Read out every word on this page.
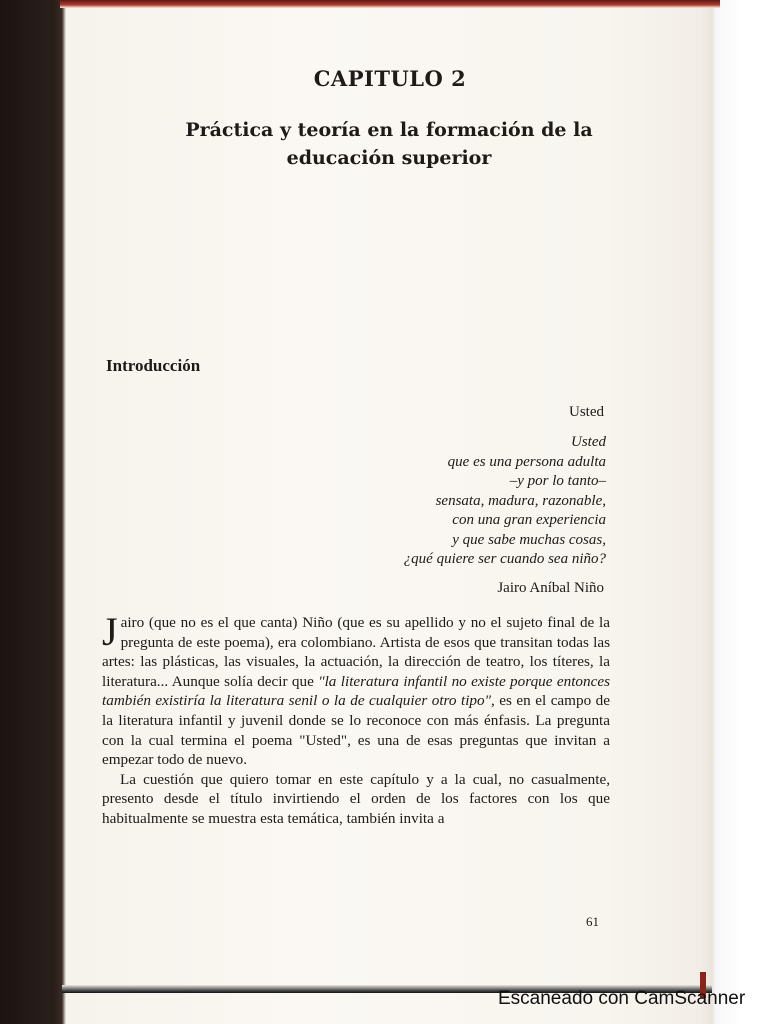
CAPITULO 2
Práctica y teoría en la formación de la
educación superior
Introducción
Usted
Usted
que es una persona adulta
–y por lo tanto–
sensata, madura, razonable,
con una gran experiencia
y que sabe muchas cosas,
¿qué quiere ser cuando sea niño?
Jairo Aníbal Niño

Jairo (que no es el que canta) Niño (que es su apellido y no el sujeto final de la pregunta de este poema), era colombiano. Artista de esos que transitan todas las artes: las plásticas, las visuales, la actuación, la dirección de teatro, los títeres, la literatura... Aunque solía decir que "la literatura infantil no existe porque entonces también existiría la literatura senil o la de cualquier otro tipo", es en el campo de la literatura infantil y juvenil donde se lo reconoce con más énfasis. La pregunta con la cual termina el poema "Usted", es una de esas preguntas que invitan a empezar todo de nuevo.

La cuestión que quiero tomar en este capítulo y a la cual, no casualmente, presento desde el título invirtiendo el orden de los factores con los que habitualmente se muestra esta temática, también invita a

61
Escaneado con CamScanner
